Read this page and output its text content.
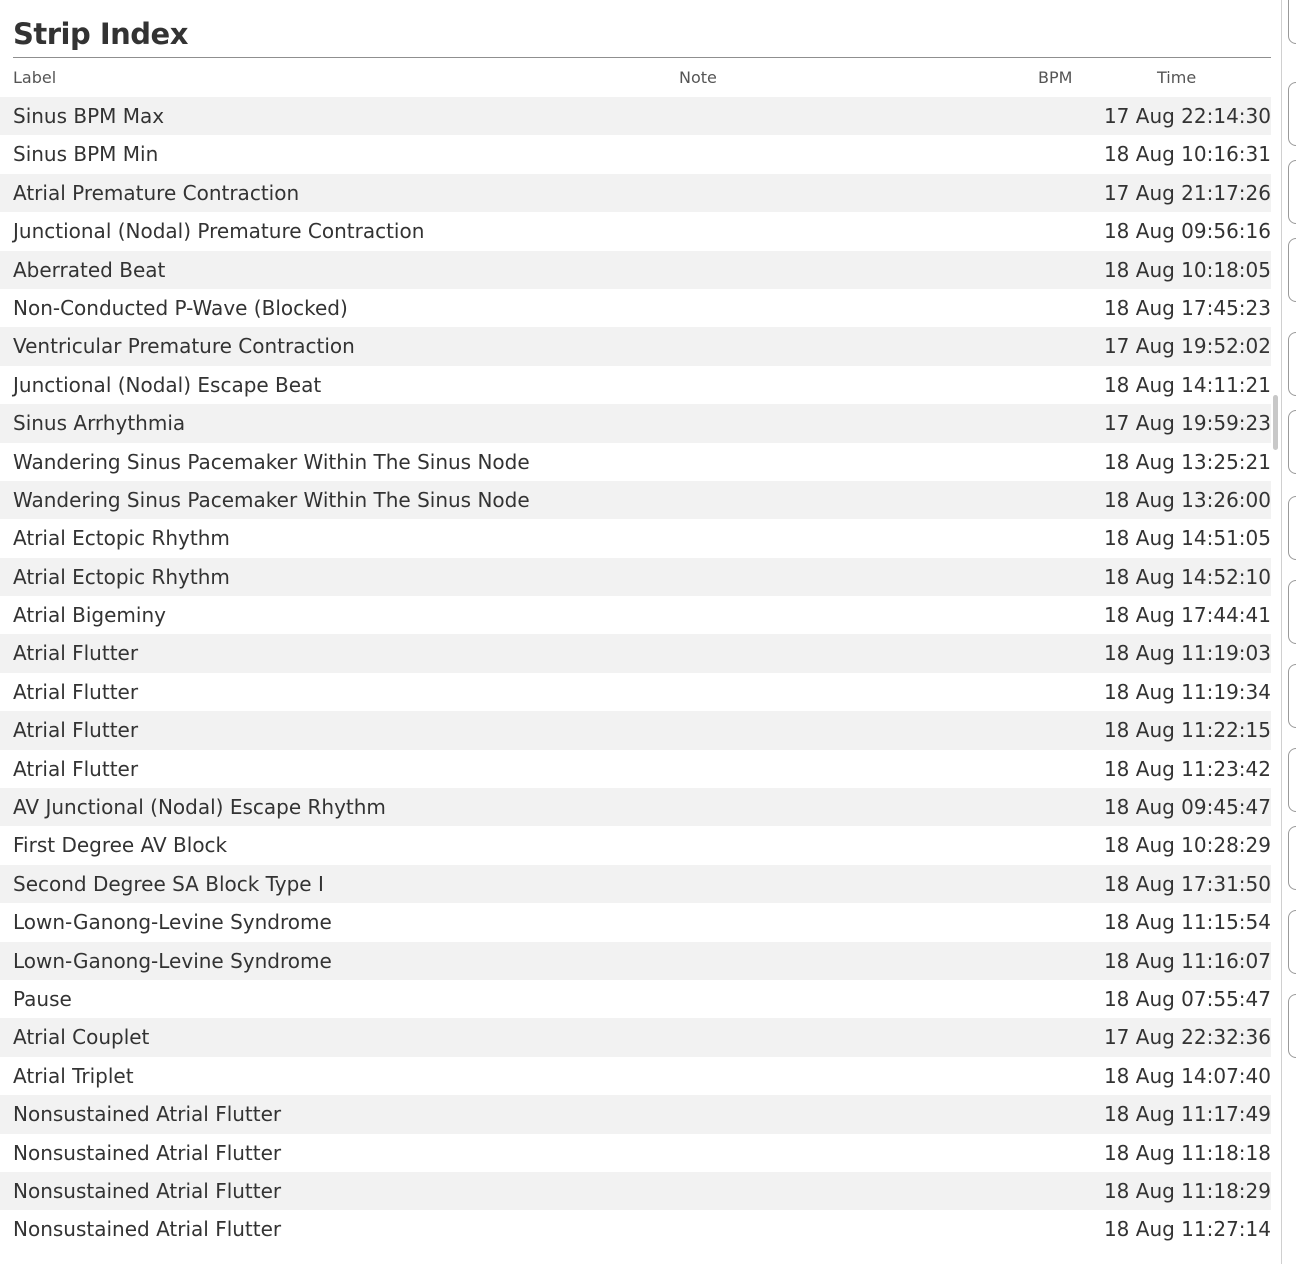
Strip Index
Label	Note	BPM	Time
Sinus BPM Max	17 Aug 22:14:30
Sinus BPM Min	18 Aug 10:16:31
Atrial Premature Contraction	17 Aug 21:17:26
Junctional (Nodal) Premature Contraction	18 Aug 09:56:16
Aberrated Beat	18 Aug 10:18:05
Non-Conducted P-Wave (Blocked)	18 Aug 17:45:23
Ventricular Premature Contraction	17 Aug 19:52:02
Junctional (Nodal) Escape Beat	18 Aug 14:11:21
Sinus Arrhythmia	17 Aug 19:59:23
Wandering Sinus Pacemaker Within The Sinus Node	18 Aug 13:25:21
Wandering Sinus Pacemaker Within The Sinus Node	18 Aug 13:26:00
Atrial Ectopic Rhythm	18 Aug 14:51:05
Atrial Ectopic Rhythm	18 Aug 14:52:10
Atrial Bigeminy	18 Aug 17:44:41
Atrial Flutter	18 Aug 11:19:03
Atrial Flutter	18 Aug 11:19:34
Atrial Flutter	18 Aug 11:22:15
Atrial Flutter	18 Aug 11:23:42
AV Junctional (Nodal) Escape Rhythm	18 Aug 09:45:47
First Degree AV Block	18 Aug 10:28:29
Second Degree SA Block Type I	18 Aug 17:31:50
Lown-Ganong-Levine Syndrome	18 Aug 11:15:54
Lown-Ganong-Levine Syndrome	18 Aug 11:16:07
Pause	18 Aug 07:55:47
Atrial Couplet	17 Aug 22:32:36
Atrial Triplet	18 Aug 14:07:40
Nonsustained Atrial Flutter	18 Aug 11:17:49
Nonsustained Atrial Flutter	18 Aug 11:18:18
Nonsustained Atrial Flutter	18 Aug 11:18:29
Nonsustained Atrial Flutter	18 Aug 11:27:14
